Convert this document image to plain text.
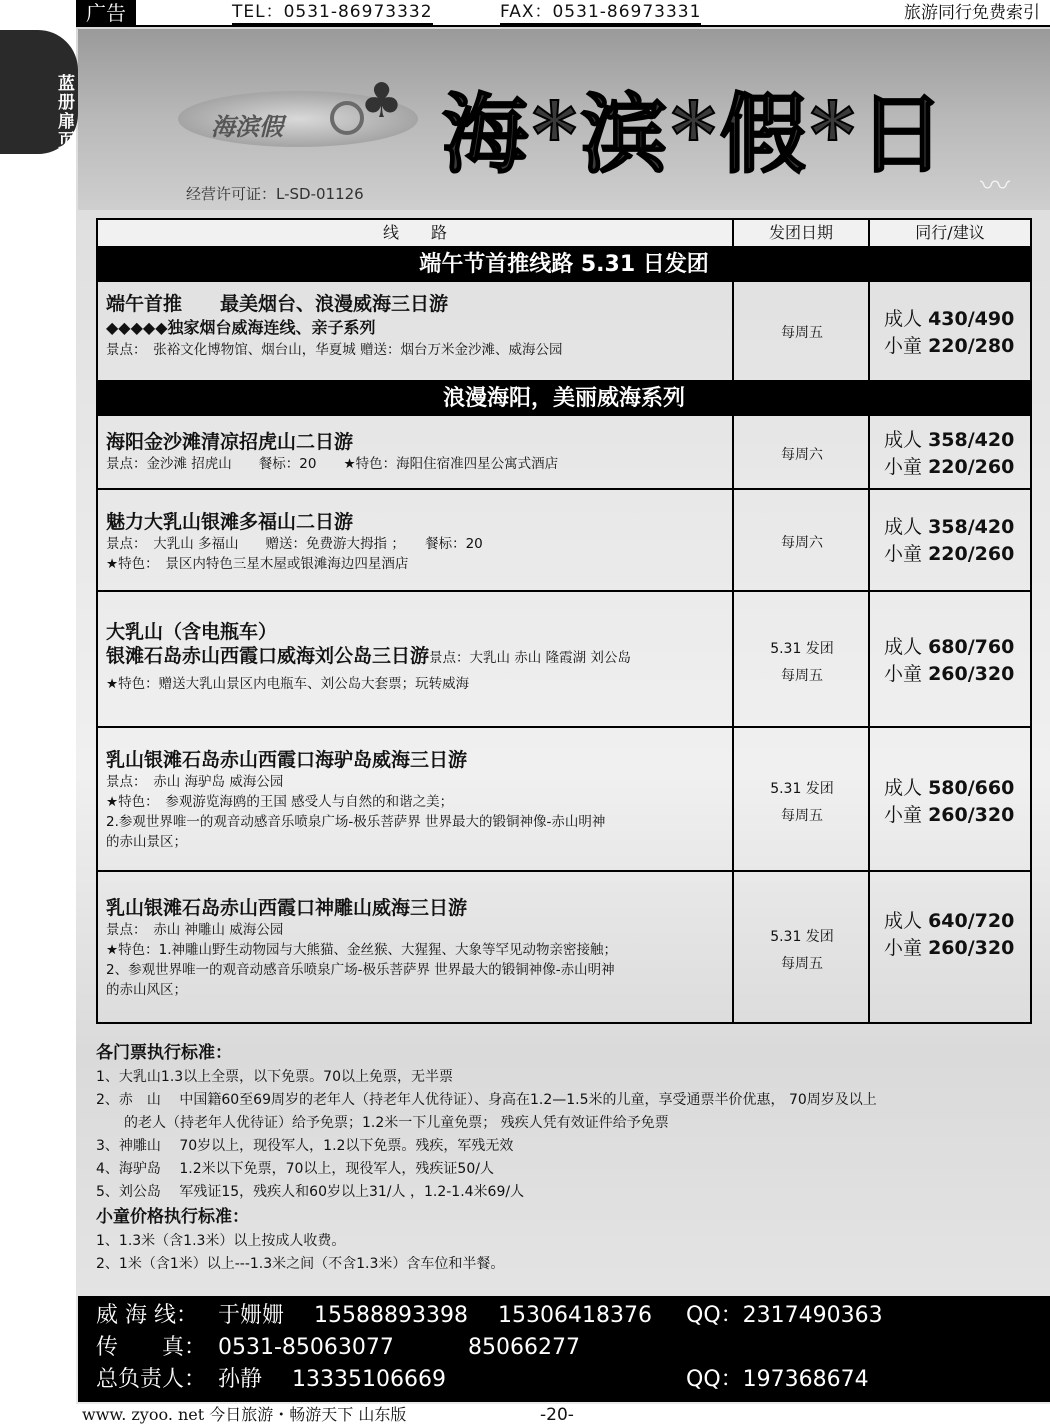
蓝册扉页
广告	TEL：0531-86973332	FAX：0531-86973331	旅游同行免费索引
海滨假 ♣ 海*滨*假*日
经营许可证：L-SD-01126	〰
线　　路	发团日期	同行/建议
端午节首推线路 5.31 日发团
端午首推　　最美烟台、浪漫威海三日游
◆◆◆◆◆独家烟台威海连线、亲子系列
景点：　张裕文化博物馆、烟台山，华夏城 赠送：烟台万米金沙滩、威海公园
每周五
成人 430/490
小童 220/280
浪漫海阳，美丽威海系列
海阳金沙滩清凉招虎山二日游
景点：金沙滩 招虎山　　餐标：20　　★特色：海阳住宿准四星公寓式酒店
每周六
成人 358/420
小童 220/260
魅力大乳山银滩多福山二日游
景点：　大乳山 多福山　　赠送：免费游大拇指 ；　　餐标：20
★特色：　景区内特色三星木屋或银滩海边四星酒店
每周六
成人 358/420
小童 220/260
大乳山（含电瓶车）
银滩石岛赤山西霞口威海刘公岛三日游景点：大乳山 赤山 隆霞湖 刘公岛
★特色：赠送大乳山景区内电瓶车、刘公岛大套票；玩转威海
5.31 发团
每周五
成人 680/760
小童 260/320
乳山银滩石岛赤山西霞口海驴岛威海三日游
景点：　赤山 海驴岛 威海公园
★特色：　参观游览海鸥的王国 感受人与自然的和谐之美；
2.参观世界唯一的观音动感音乐喷泉广场-极乐菩萨界 世界最大的锻铜神像-赤山明神
的赤山景区；
5.31 发团
每周五
成人 580/660
小童 260/320
乳山银滩石岛赤山西霞口神雕山威海三日游
景点：　赤山 神雕山 威海公园
★特色：1.神雕山野生动物园与大熊猫、金丝猴、大猩猩、大象等罕见动物亲密接触；
2、参观世界唯一的观音动感音乐喷泉广场-极乐菩萨界 世界最大的锻铜神像-赤山明神
的赤山风区；
5.31 发团
每周五
成人 640/720
小童 260/320
各门票执行标准：
1、大乳山1.3以上全票，以下免票。70以上免票，无半票
2、赤　山　 中国籍60至69周岁的老年人（持老年人优待证）、身高在1.2—1.5米的儿童，享受通票半价优惠， 70周岁及以上
的老人（持老年人优待证）给予免票；1.2米一下儿童免票； 残疾人凭有效证件给予免票
3、神雕山　 70岁以上，现役军人，1.2以下免票。残疾，军残无效
4、海驴岛　 1.2米以下免票，70以上，现役军人，残疾证50/人
5、刘公岛　 军残证15，残疾人和60岁以上31/人 ，1.2-1.4米69/人
小童价格执行标准：
1、1.3米（含1.3米）以上按成人收费。
2、1米（含1米）以上---1.3米之间（不含1.3米）含车位和半餐。
威 海 线： 于姗姗 15588893398 15306418376 QQ：2317490363
传　　真： 0531-85063077	85066277
总负责人： 孙静 13335106669	QQ：197368674
www. zyoo. net 今日旅游・畅游天下 山东版	-20-
